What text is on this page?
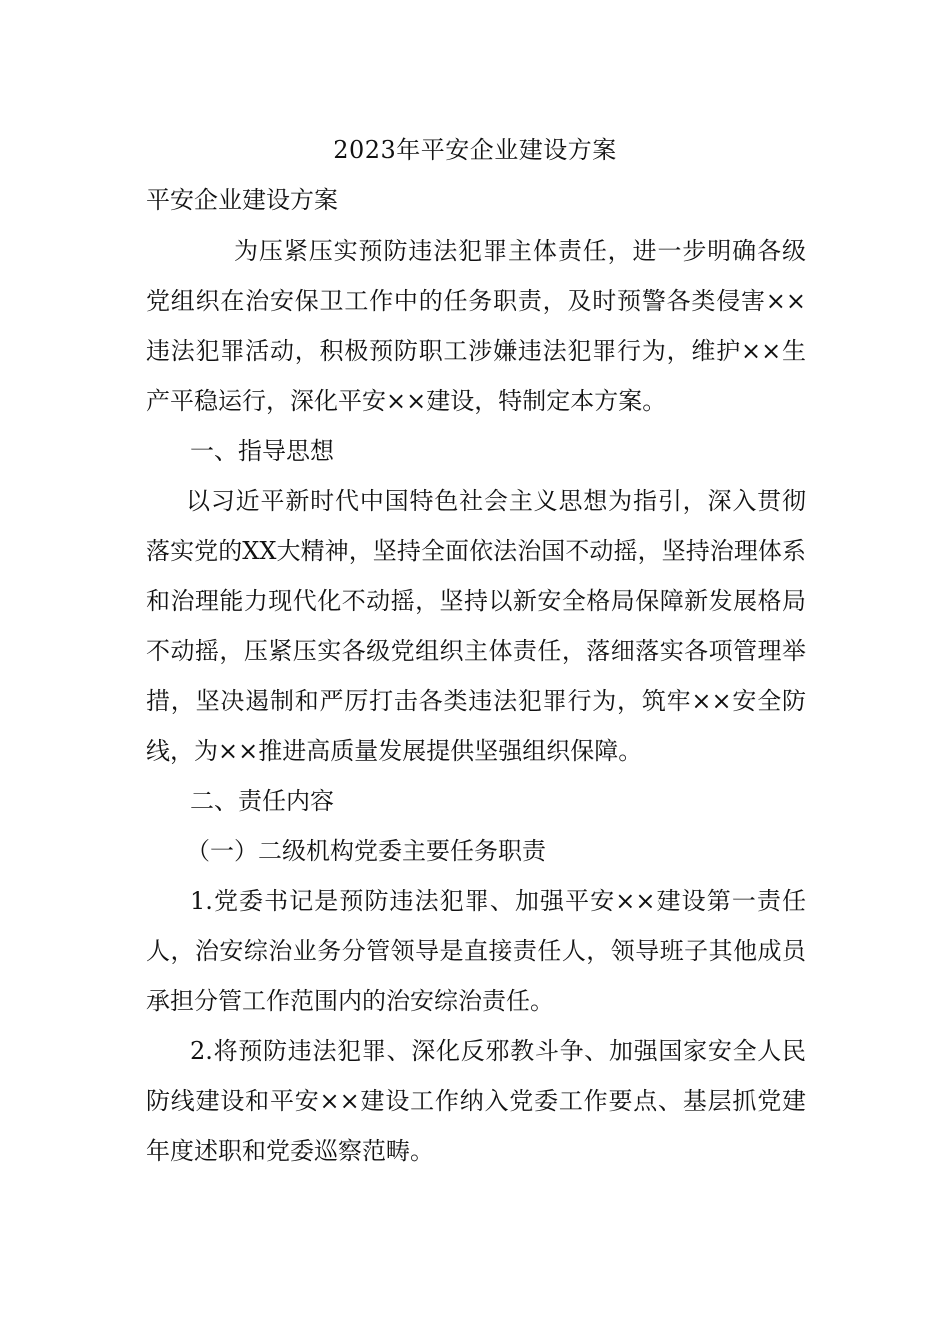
2023年平安企业建设方案
平安企业建设方案

为压紧压实预防违法犯罪主体责任，进一步明确各级党组织在治安保卫工作中的任务职责，及时预警各类侵害××违法犯罪活动，积极预防职工涉嫌违法犯罪行为，维护××生产平稳运行，深化平安××建设，特制定本方案。

一、指导思想

以习近平新时代中国特色社会主义思想为指引，深入贯彻落实党的XX大精神，坚持全面依法治国不动摇，坚持治理体系和治理能力现代化不动摇，坚持以新安全格局保障新发展格局不动摇，压紧压实各级党组织主体责任，落细落实各项管理举措，坚决遏制和严厉打击各类违法犯罪行为，筑牢××安全防线，为××推进高质量发展提供坚强组织保障。

二、责任内容

（一）二级机构党委主要任务职责

1.党委书记是预防违法犯罪、加强平安××建设第一责任人，治安综治业务分管领导是直接责任人，领导班子其他成员承担分管工作范围内的治安综治责任。

2.将预防违法犯罪、深化反邪教斗争、加强国家安全人民防线建设和平安××建设工作纳入党委工作要点、基层抓党建年度述职和党委巡察范畴。
